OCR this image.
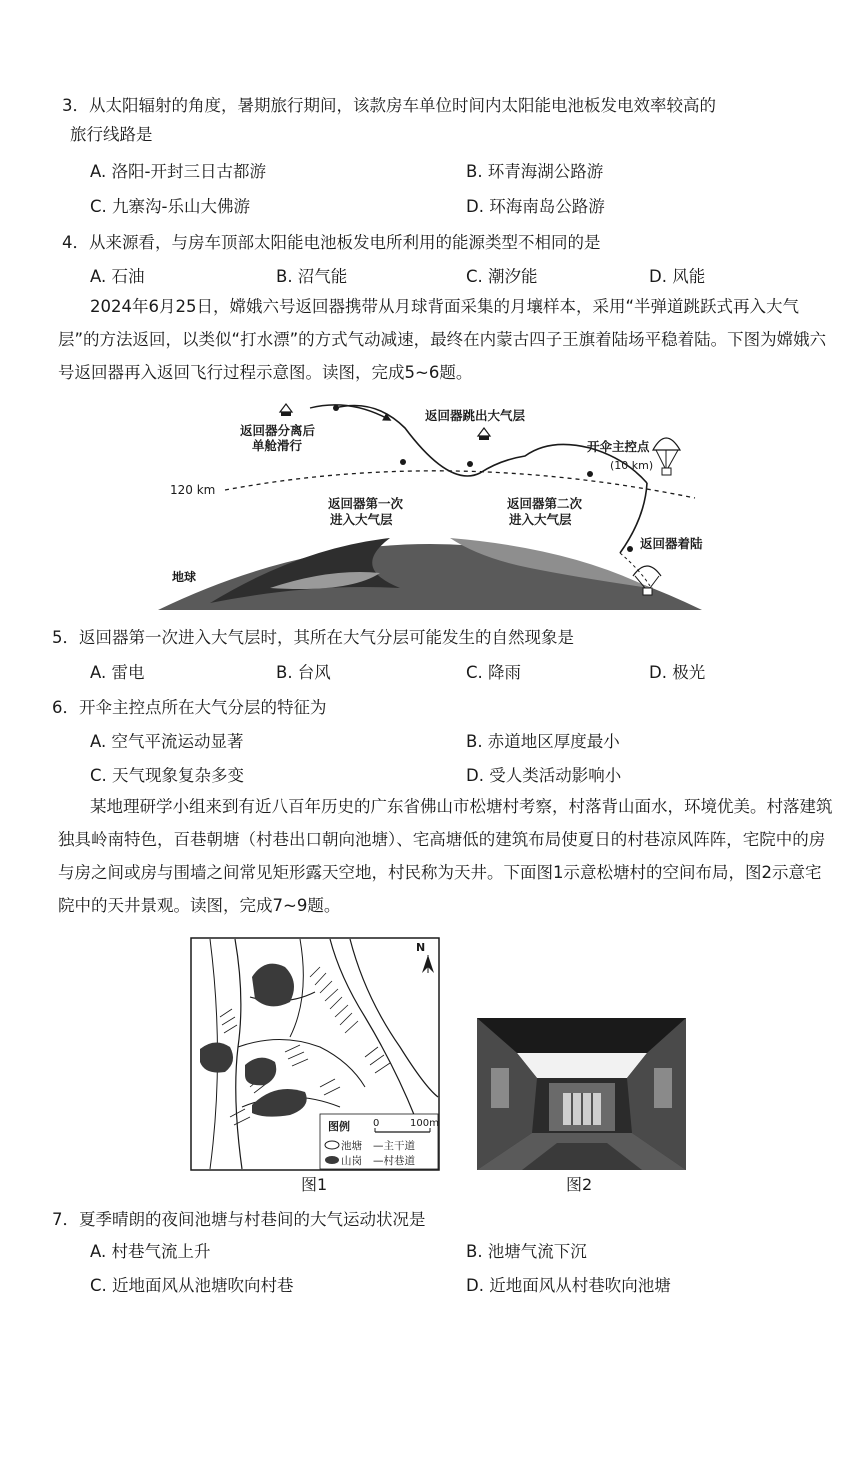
3．从太阳辐射的角度，暑期旅行期间，该款房车单位时间内太阳能电池板发电效率较高的
旅行线路是
A. 洛阳-开封三日古都游	B. 环青海湖公路游
C. 九寨沟-乐山大佛游	D. 环海南岛公路游
4．从来源看，与房车顶部太阳能电池板发电所利用的能源类型不相同的是
A. 石油	B. 沼气能	C. 潮汐能	D. 风能
2024年6月25日，嫦娥六号返回器携带从月球背面采集的月壤样本，采用“半弹道跳跃式再入大气层”的方法返回，以类似“打水漂”的方式气动减速，最终在内蒙古四子王旗着陆场平稳着陆。下图为嫦娥六号返回器再入返回飞行过程示意图。读图，完成5~6题。
地球
120 km
返回器分离后
单舱滑行
返回器跳出大气层
开伞主控点
(10 km)
返回器第一次
进入大气层
返回器第二次
进入大气层
返回器着陆
5．返回器第一次进入大气层时，其所在大气分层可能发生的自然现象是
A. 雷电	B. 台风	C. 降雨	D. 极光
6．开伞主控点所在大气分层的特征为
A. 空气平流运动显著	B. 赤道地区厚度最小
C. 天气现象复杂多变	D. 受人类活动影响小
某地理研学小组来到有近八百年历史的广东省佛山市松塘村考察，村落背山面水，环境优美。村落建筑独具岭南特色，百巷朝塘（村巷出口朝向池塘）、宅高塘低的建筑布局使夏日的村巷凉风阵阵，宅院中的房与房之间或房与围墙之间常见矩形露天空地，村民称为天井。下面图1示意松塘村的空间布局，图2示意宅院中的天井景观。读图，完成7~9题。
N
图例 0	100m
池塘 —主干道
山岗 —村巷道
图1	图2
7．夏季晴朗的夜间池塘与村巷间的大气运动状况是
A. 村巷气流上升	B. 池塘气流下沉
C. 近地面风从池塘吹向村巷	D. 近地面风从村巷吹向池塘
